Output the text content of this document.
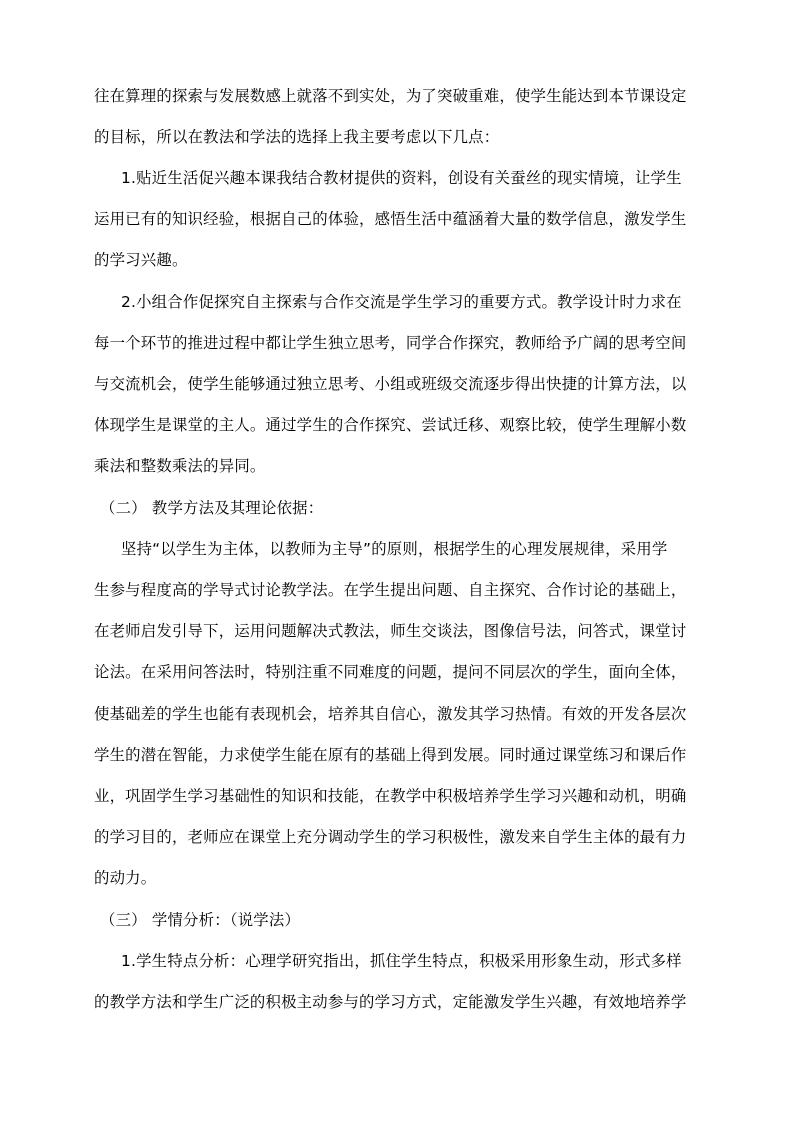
往在算理的探索与发展数感上就落不到实处，为了突破重难，使学生能达到本节课设定
的目标，所以在教法和学法的选择上我主要考虑以下几点：
1.贴近生活促兴趣本课我结合教材提供的资料，创设有关蚕丝的现实情境，让学生
运用已有的知识经验，根据自己的体验，感悟生活中蕴涵着大量的数学信息，激发学生
的学习兴趣。
2.小组合作促探究自主探索与合作交流是学生学习的重要方式。教学设计时力求在
每一个环节的推进过程中都让学生独立思考，同学合作探究，教师给予广阔的思考空间
与交流机会，使学生能够通过独立思考、小组或班级交流逐步得出快捷的计算方法，以
体现学生是课堂的主人。通过学生的合作探究、尝试迁移、观察比较，使学生理解小数
乘法和整数乘法的异同。
（二） 教学方法及其理论依据：
坚持“以学生为主体，以教师为主导”的原则，根据学生的心理发展规律，采用学
生参与程度高的学导式讨论教学法。在学生提出问题、自主探究、合作讨论的基础上，
在老师启发引导下，运用问题解决式教法，师生交谈法，图像信号法，问答式，课堂讨
论法。在采用问答法时，特别注重不同难度的问题，提问不同层次的学生，面向全体，
使基础差的学生也能有表现机会，培养其自信心，激发其学习热情。有效的开发各层次
学生的潜在智能，力求使学生能在原有的基础上得到发展。同时通过课堂练习和课后作
业，巩固学生学习基础性的知识和技能，在教学中积极培养学生学习兴趣和动机，明确
的学习目的，老师应在课堂上充分调动学生的学习积极性，激发来自学生主体的最有力
的动力。
（三） 学情分析：（说学法）
1.学生特点分析：心理学研究指出，抓住学生特点，积极采用形象生动，形式多样
的教学方法和学生广泛的积极主动参与的学习方式，定能激发学生兴趣，有效地培养学
